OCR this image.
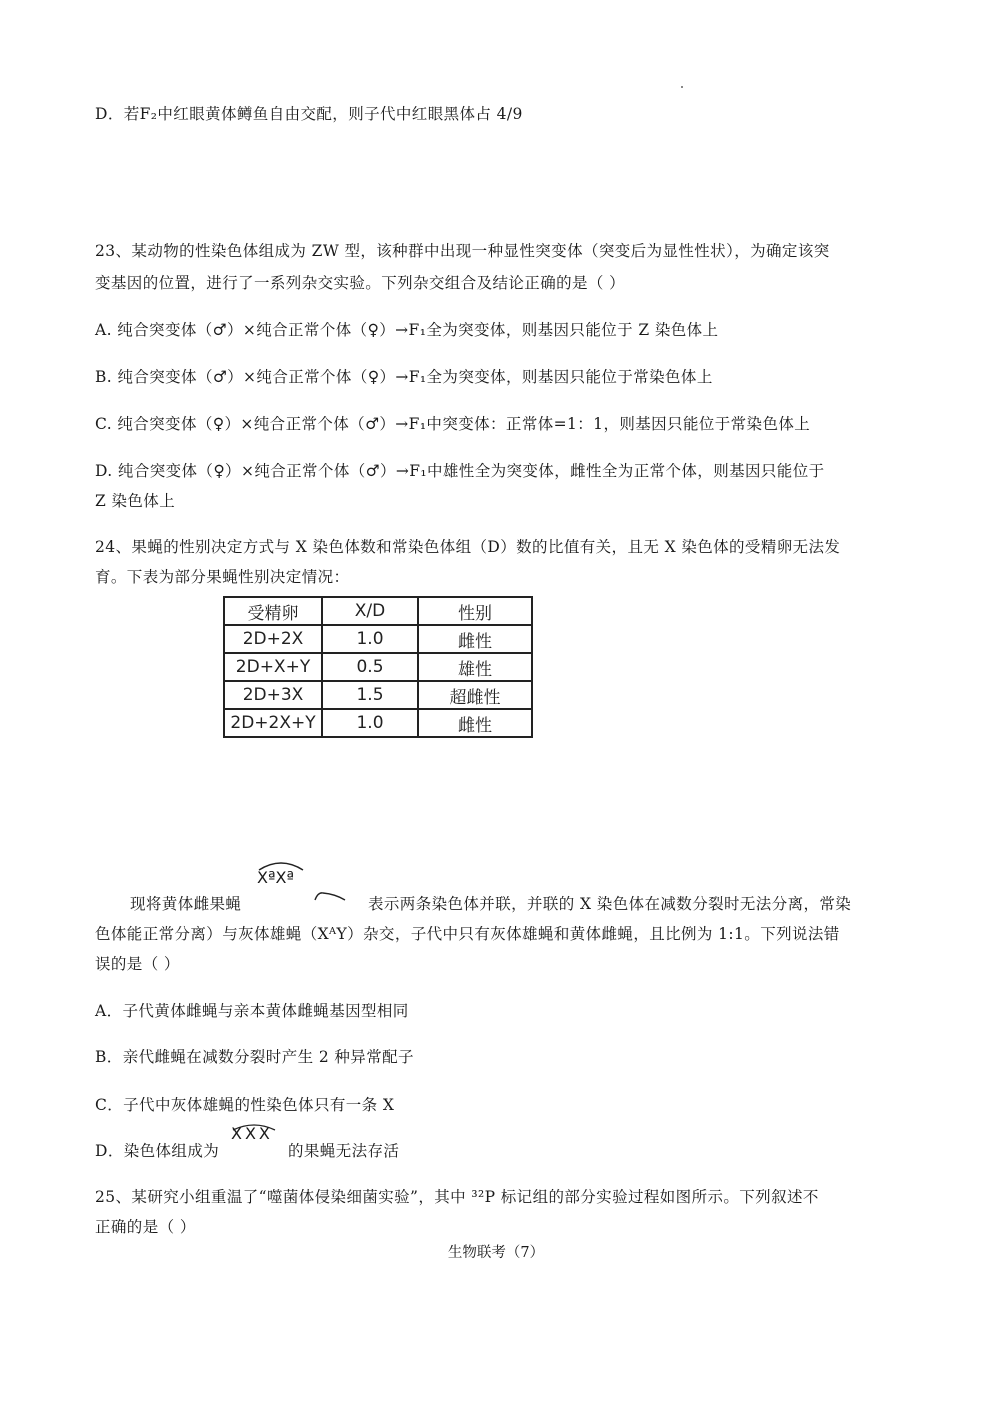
D．若F₂中红眼黄体鳟鱼自由交配，则子代中红眼黑体占 4/9
23、某动物的性染色体组成为 ZW 型，该种群中出现一种显性突变体（突变后为显性性状），为确定该突
变基因的位置，进行了一系列杂交实验。下列杂交组合及结论正确的是（ ）
A. 纯合突变体（♂）×纯合正常个体（♀）→F₁全为突变体，则基因只能位于 Z 染色体上
B. 纯合突变体（♂）×纯合正常个体（♀）→F₁全为突变体，则基因只能位于常染色体上
C. 纯合突变体（♀）×纯合正常个体（♂）→F₁中突变体：正常体=1：1，则基因只能位于常染色体上
D. 纯合突变体（♀）×纯合正常个体（♂）→F₁中雄性全为突变体，雌性全为正常个体，则基因只能位于
Z 染色体上
24、果蝇的性别决定方式与 X 染色体数和常染色体组（D）数的比值有关，且无 X 染色体的受精卵无法发
育。下表为部分果蝇性别决定情况：
受精卵	X/D	性别
2D+2X	1.0	雌性
2D+X+Y	0.5	雄性
2D+3X	1.5	超雌性
2D+2X+Y	1.0	雌性
XªXª
现将黄体雌果蝇	表示两条染色体并联，并联的 X 染色体在减数分裂时无法分离，常染
色体能正常分离）与灰体雄蝇（XᴬY）杂交，子代中只有灰体雄蝇和黄体雌蝇，且比例为 1:1。下列说法错
误的是（ ）
A．子代黄体雌蝇与亲本黄体雌蝇基因型相同
B．亲代雌蝇在减数分裂时产生 2 种异常配子
C．子代中灰体雄蝇的性染色体只有一条 X
D．染色体组成为
XXX
的果蝇无法存活
25、某研究小组重温了“噬菌体侵染细菌实验”，其中 ³²P 标记组的部分实验过程如图所示。下列叙述不
正确的是（ ）
生物联考（7）
